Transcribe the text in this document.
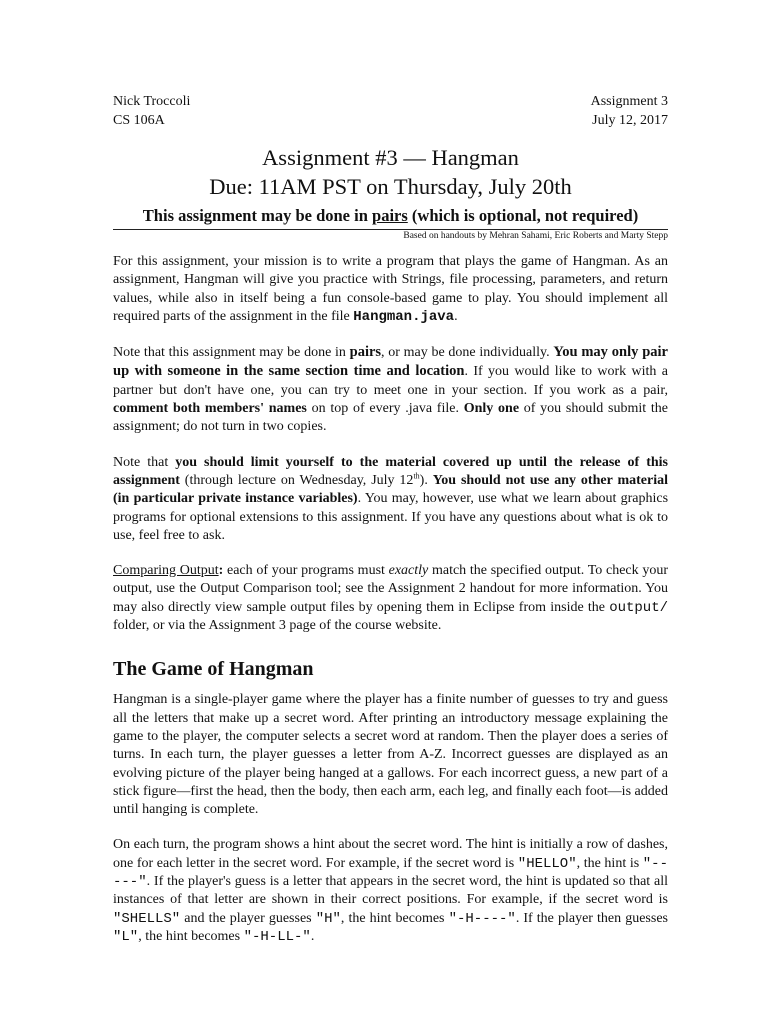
Nick Troccoli
CS 106A
Assignment 3
July 12, 2017
Assignment #3 — Hangman
Due: 11AM PST on Thursday, July 20th
This assignment may be done in pairs (which is optional, not required)
Based on handouts by Mehran Sahami, Eric Roberts and Marty Stepp

For this assignment, your mission is to write a program that plays the game of Hangman. As an assignment, Hangman will give you practice with Strings, file processing, parameters, and return values, while also in itself being a fun console-based game to play. You should implement all required parts of the assignment in the file Hangman.java.

Note that this assignment may be done in pairs, or may be done individually. You may only pair up with someone in the same section time and location. If you would like to work with a partner but don't have one, you can try to meet one in your section. If you work as a pair, comment both members' names on top of every .java file. Only one of you should submit the assignment; do not turn in two copies.

Note that you should limit yourself to the material covered up until the release of this assignment (through lecture on Wednesday, July 12th). You should not use any other material (in particular private instance variables). You may, however, use what we learn about graphics programs for optional extensions to this assignment. If you have any questions about what is ok to use, feel free to ask.

Comparing Output: each of your programs must exactly match the specified output. To check your output, use the Output Comparison tool; see the Assignment 2 handout for more information. You may also directly view sample output files by opening them in Eclipse from inside the output/ folder, or via the Assignment 3 page of the course website.

The Game of Hangman

Hangman is a single-player game where the player has a finite number of guesses to try and guess all the letters that make up a secret word. After printing an introductory message explaining the game to the player, the computer selects a secret word at random. Then the player does a series of turns. In each turn, the player guesses a letter from A-Z. Incorrect guesses are displayed as an evolving picture of the player being hanged at a gallows. For each incorrect guess, a new part of a stick figure—first the head, then the body, then each arm, each leg, and finally each foot—is added until hanging is complete.

On each turn, the program shows a hint about the secret word. The hint is initially a row of dashes, one for each letter in the secret word. For example, if the secret word is "HELLO", the hint is "-----". If the player's guess is a letter that appears in the secret word, the hint is updated so that all instances of that letter are shown in their correct positions. For example, if the secret word is "SHELLS" and the player guesses "H", the hint becomes "-H----". If the player then guesses "L", the hint becomes "-H-LL-".
